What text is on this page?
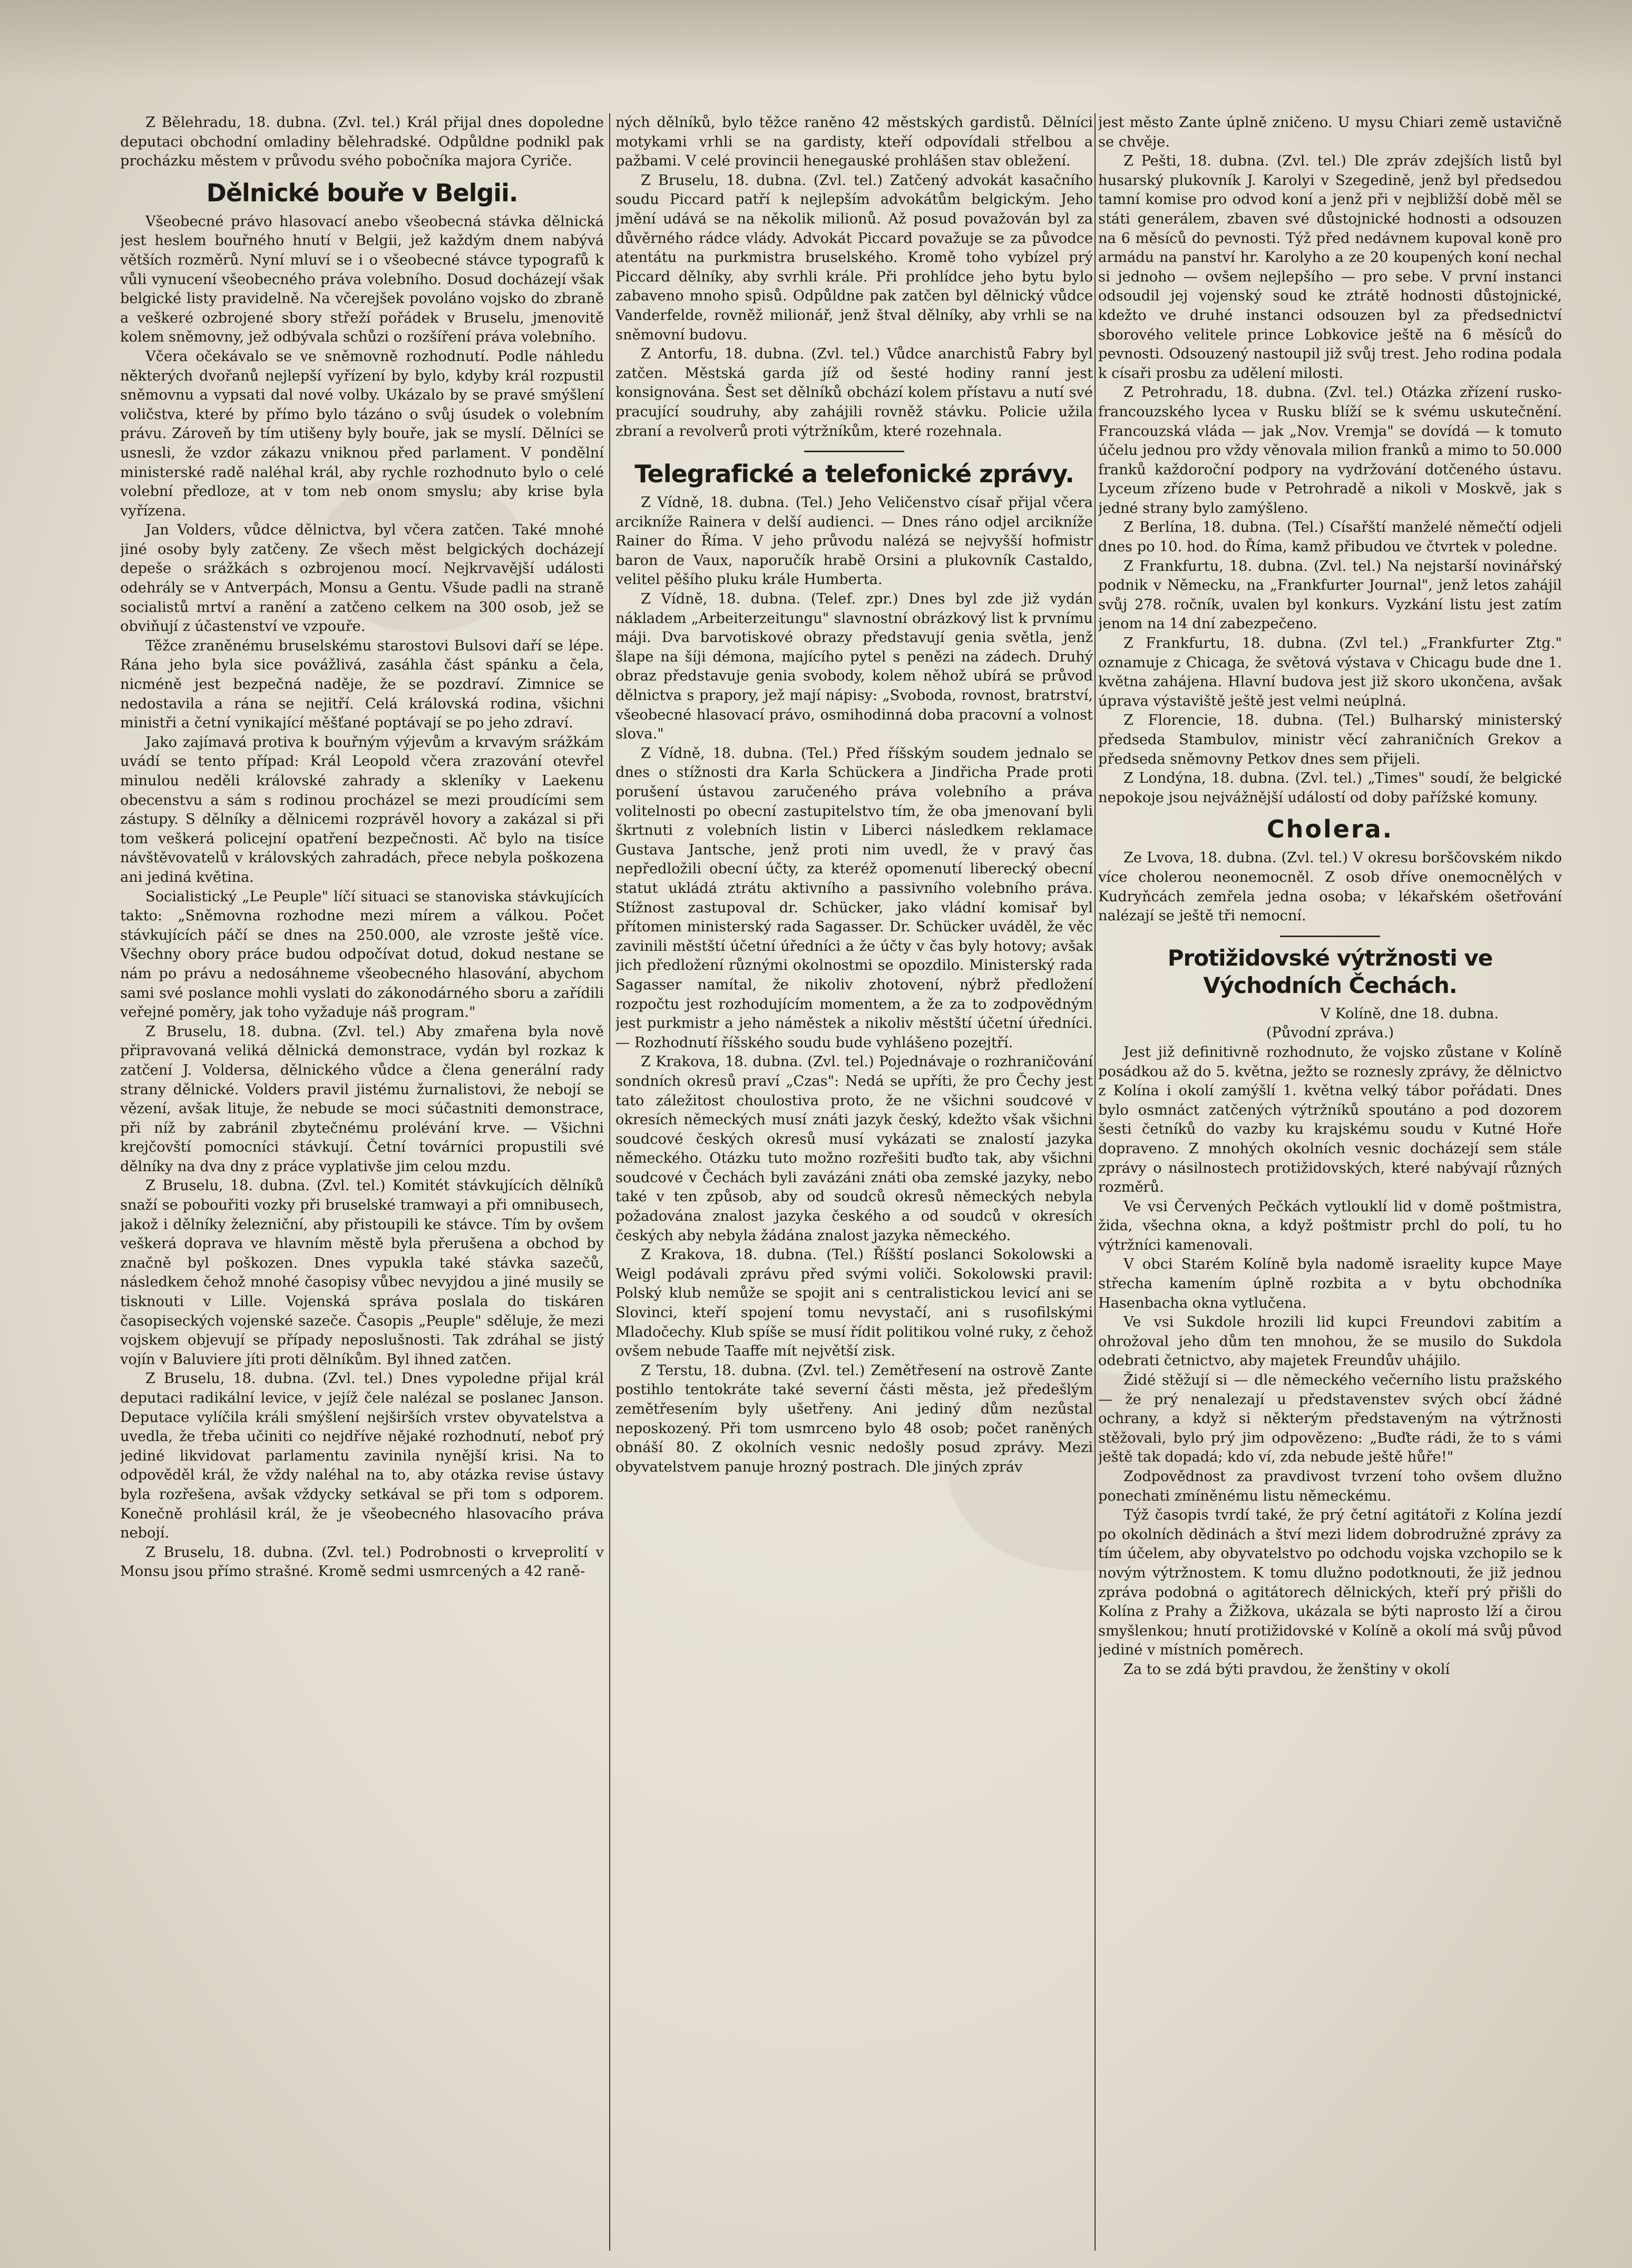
Z Bělehradu, 18. dubna. (Zvl. tel.) Král přijal dnes dopoledne deputaci obchodní omladiny bělehradské. Odpůldne podnikl pak procházku městem v průvodu svého pobočníka majora Cyriče.

Dělnické bouře v Belgii.

Všeobecné právo hlasovací anebo všeobecná stávka dělnická jest heslem bouřného hnutí v Belgii, jež každým dnem nabývá větších rozměrů. Nyní mluví se i o všeobecné stávce typografů k vůli vynucení všeobecného práva volebního. Dosud docházejí však belgické listy pravidelně. Na včerejšek povoláno vojsko do zbraně a veškeré ozbrojené sbory střeží pořádek v Bruselu, jmenovitě kolem sněmovny, jež odbývala schůzi o rozšíření práva volebního.

Včera očekávalo se ve sněmovně rozhodnutí. Podle náhledu některých dvořanů nejlepší vyřízení by bylo, kdyby král rozpustil sněmovnu a vypsati dal nové volby. Ukázalo by se pravé smýšlení voličstva, které by přímo bylo tázáno o svůj úsudek o volebním právu. Zároveň by tím utišeny byly bouře, jak se myslí. Dělníci se usnesli, že vzdor zákazu vniknou před parlament. V pondělní ministerské radě naléhal král, aby rychle rozhodnuto bylo o celé volební předloze, at v tom neb onom smyslu; aby krise byla vyřízena.

Jan Volders, vůdce dělnictva, byl včera zatčen. Také mnohé jiné osoby byly zatčeny. Ze všech měst belgických docházejí depeše o srážkách s ozbrojenou mocí. Nejkrvavější události odehrály se v Antverpách, Monsu a Gentu. Všude padli na straně socialistů mrtví a ranění a zatčeno celkem na 300 osob, jež se obviňují z účastenství ve vzpouře.

Těžce zraněnému bruselskému starostovi Bulsovi daří se lépe. Rána jeho byla sice povážlivá, zasáhla část spánku a čela, nicméně jest bezpečná naděje, že se pozdraví. Zimnice se nedostavila a rána se nejitří. Celá královská rodina, všichni ministři a četní vynikající měšťané poptávají se po jeho zdraví.

Jako zajímavá protiva k bouřným výjevům a krvavým srážkám uvádí se tento případ: Král Leopold včera zrazování otevřel minulou neděli královské zahrady a skleníky v Laekenu obecenstvu a sám s rodinou procházel se mezi proudícími sem zástupy. S dělníky a dělnicemi rozprávěl hovory a zakázal si při tom veškerá policejní opatření bezpečnosti. Ač bylo na tisíce návštěvovatelů v královských zahradách, přece nebyla poškozena ani jediná květina.

Socialistický „Le Peuple" líčí situaci se stanoviska stávkujících takto: „Sněmovna rozhodne mezi mírem a válkou. Počet stávkujících páčí se dnes na 250.000, ale vzroste ještě více. Všechny obory práce budou odpočívat dotud, dokud nestane se nám po právu a nedosáhneme všeobecného hlasování, abychom sami své poslance mohli vyslati do zákonodárného sboru a zařídili veřejné poměry, jak toho vyžaduje náš program."

Z Bruselu, 18. dubna. (Zvl. tel.) Aby zmařena byla nově připravovaná veliká dělnická demonstrace, vydán byl rozkaz k zatčení J. Voldersa, dělnického vůdce a člena generální rady strany dělnické. Volders pravil jistému žurnalistovi, že nebojí se vězení, avšak lituje, že nebude se moci súčastniti demonstrace, při níž by zabránil zbytečnému prolévání krve. — Všichni krejčovští pomocníci stávkují. Četní továrníci propustili své dělníky na dva dny z práce vyplativše jim celou mzdu.

Z Bruselu, 18. dubna. (Zvl. tel.) Komitét stávkujících dělníků snaží se pobouřiti vozky při bruselské tramwayi a při omnibusech, jakož i dělníky železniční, aby přistoupili ke stávce. Tím by ovšem veškerá doprava ve hlavním městě byla přerušena a obchod by značně byl poškozen. Dnes vypukla také stávka sazečů, následkem čehož mnohé časopisy vůbec nevyjdou a jiné musily se tisknouti v Lille. Vojenská správa poslala do tiskáren časopiseckých vojenské sazeče. Časopis „Peuple" sděluje, že mezi vojskem objevují se případy neposlušnosti. Tak zdráhal se jistý vojín v Baluviere jíti proti dělníkům. Byl ihned zatčen.

Z Bruselu, 18. dubna. (Zvl. tel.) Dnes vypoledne přijal král deputaci radikální levice, v jejíž čele nalézal se poslanec Janson. Deputace vylíčila králi smýšlení nejširších vrstev obyvatelstva a uvedla, že třeba učiniti co nejdříve nějaké rozhodnutí, neboť prý jediné likvidovat parlamentu zavinila nynější krisi. Na to odpověděl král, že vždy naléhal na to, aby otázka revise ústavy byla rozřešena, avšak vždycky setkával se při tom s odporem. Konečně prohlásil král, že je všeobecného hlasovacího práva nebojí.

Z Bruselu, 18. dubna. (Zvl. tel.) Podrobnosti o krveprolití v Monsu jsou přímo strašné. Kromě sedmi usmrcených a 42 raně-

ných dělníků, bylo těžce raněno 42 městských gardistů. Dělníci motykami vrhli se na gardisty, kteří odpovídali střelbou a pažbami. V celé provincii henegauské prohlášen stav obležení.

Z Bruselu, 18. dubna. (Zvl. tel.) Zatčený advokát kasačního soudu Piccard patří k nejlepším advokátům belgickým. Jeho jmění udává se na několik milionů. Až posud považován byl za důvěrného rádce vlády. Advokát Piccard považuje se za původce atentátu na purkmistra bruselského. Kromě toho vybízel prý Piccard dělníky, aby svrhli krále. Při prohlídce jeho bytu bylo zabaveno mnoho spisů. Odpůldne pak zatčen byl dělnický vůdce Vanderfelde, rovněž milionář, jenž štval dělníky, aby vrhli se na sněmovní budovu.

Z Antorfu, 18. dubna. (Zvl. tel.) Vůdce anarchistů Fabry byl zatčen. Městská garda jíž od šesté hodiny ranní jest konsignována. Šest set dělníků obchází kolem přístavu a nutí své pracující soudruhy, aby zahájili rovněž stávku. Policie užila zbraní a revolverů proti výtržníkům, které rozehnala.

Telegrafické a telefonické zprávy.

Z Vídně, 18. dubna. (Tel.) Jeho Veličenstvo císař přijal včera arcikníže Rainera v delší audienci. — Dnes ráno odjel arcikníže Rainer do Říma. V jeho průvodu nalézá se nejvyšší hofmistr baron de Vaux, naporučík hrabě Orsini a plukovník Castaldo, velitel pěšího pluku krále Humberta.

Z Vídně, 18. dubna. (Telef. zpr.) Dnes byl zde již vydán nákladem „Arbeiterzeitungu" slavnostní obrázkový list k prvnímu máji. Dva barvotiskové obrazy představují genia světla, jenž šlape na šíji démona, majícího pytel s penězi na zádech. Druhý obraz představuje genia svobody, kolem něhož ubírá se průvod dělnictva s prapory, jež mají nápisy: „Svoboda, rovnost, bratrství, všeobecné hlasovací právo, osmihodinná doba pracovní a volnost slova."

Z Vídně, 18. dubna. (Tel.) Před říšským soudem jednalo se dnes o stížnosti dra Karla Schückera a Jindřicha Prade proti porušení ústavou zaručeného práva volebního a práva volitelnosti po obecní zastupitelstvo tím, že oba jmenovaní byli škrtnuti z volebních listin v Liberci následkem reklamace Gustava Jantsche, jenž proti nim uvedl, že v pravý čas nepředložili obecní účty, za kteréž opomenutí liberecký obecní statut ukládá ztrátu aktivního a passivního volebního práva. Stížnost zastupoval dr. Schücker, jako vládní komisař byl přítomen ministerský rada Sagasser. Dr. Schücker uváděl, že věc zavinili městští účetní úředníci a že účty v čas byly hotovy; avšak jich předložení různými okolnostmi se opozdilo. Ministerský rada Sagasser namítal, že nikoliv zhotovení, nýbrž předložení rozpočtu jest rozhodujícím momentem, a že za to zodpovědným jest purkmistr a jeho náměstek a nikoliv městští účetní úředníci. — Rozhodnutí říšského soudu bude vyhlášeno pozejtří.

Z Krakova, 18. dubna. (Zvl. tel.) Pojednávaje o rozhraničování sondních okresů praví „Czas": Nedá se upříti, že pro Čechy jest tato záležitost choulostiva proto, že ne všichni soudcové v okresích německých musí znáti jazyk český, kdežto však všichni soudcové českých okresů musí vykázati se znalostí jazyka německého. Otázku tuto možno rozřešiti buďto tak, aby všichni soudcové v Čechách byli zavázáni znáti oba zemské jazyky, nebo také v ten způsob, aby od soudců okresů německých nebyla požadována znalost jazyka českého a od soudců v okresích českých aby nebyla žádána znalost jazyka německého.

Z Krakova, 18. dubna. (Tel.) Říšští poslanci Sokolowski a Weigl podávali zprávu před svými voliči. Sokolowski pravil: Polský klub nemůže se spojit ani s centralistickou levicí ani se Slovinci, kteří spojení tomu nevystačí, ani s rusofilskými Mladočechy. Klub spíše se musí řídit politikou volné ruky, z čehož ovšem nebude Taaffe mít největší zisk.

Z Terstu, 18. dubna. (Zvl. tel.) Zemětřesení na ostrově Zante postihlo tentokráte také severní části města, jež předešlým zemětřesením byly ušetřeny. Ani jediný dům nezůstal neposkozený. Při tom usmrceno bylo 48 osob; počet raněných obnáší 80. Z okolních vesnic nedošly posud zprávy. Mezi obyvatelstvem panuje hrozný postrach. Dle jiných zpráv

jest město Zante úplně zničeno. U mysu Chiari země ustavičně se chvěje.

Z Pešti, 18. dubna. (Zvl. tel.) Dle zpráv zdejších listů byl husarský plukovník J. Karolyi v Szegedině, jenž byl předsedou tamní komise pro odvod koní a jenž při v nejbližší době měl se státi generálem, zbaven své důstojnické hodnosti a odsouzen na 6 měsíců do pevnosti. Týž před nedávnem kupoval koně pro armádu na panství hr. Karolyho a ze 20 koupených koní nechal si jednoho — ovšem nejlepšího — pro sebe. V první instanci odsoudil jej vojenský soud ke ztrátě hodnosti důstojnické, kdežto ve druhé instanci odsouzen byl za předsednictví sborového velitele prince Lobkovice ještě na 6 měsíců do pevnosti. Odsouzený nastoupil již svůj trest. Jeho rodina podala k císaři prosbu za udělení milosti.

Z Petrohradu, 18. dubna. (Zvl. tel.) Otázka zřízení rusko-francouzského lycea v Rusku blíží se k svému uskutečnění. Francouzská vláda — jak „Nov. Vremja" se dovídá — k tomuto účelu jednou pro vždy věnovala milion franků a mimo to 50.000 franků každoroční podpory na vydržování dotčeného ústavu. Lyceum zřízeno bude v Petrohradě a nikoli v Moskvě, jak s jedné strany bylo zamýšleno.

Z Berlína, 18. dubna. (Tel.) Císařští manželé němečtí odjeli dnes po 10. hod. do Říma, kamž přibudou ve čtvrtek v poledne.

Z Frankfurtu, 18. dubna. (Zvl. tel.) Na nejstarší novinářský podnik v Německu, na „Frankfurter Journal", jenž letos zahájil svůj 278. ročník, uvalen byl konkurs. Vyzkání listu jest zatím jenom na 14 dní zabezpečeno.

Z Frankfurtu, 18. dubna. (Zvl tel.) „Frankfurter Ztg." oznamuje z Chicaga, že světová výstava v Chicagu bude dne 1. května zahájena. Hlavní budova jest již skoro ukončena, avšak úprava výstaviště ještě jest velmi neúplná.

Z Florencie, 18. dubna. (Tel.) Bulharský ministerský předseda Stambulov, ministr věcí zahraničních Grekov a předseda sněmovny Petkov dnes sem přijeli.

Z Londýna, 18. dubna. (Zvl. tel.) „Times" soudí, že belgické nepokoje jsou nejvážnější událostí od doby pařížské komuny.

Cholera.

Ze Lvova, 18. dubna. (Zvl. tel.) V okresu borščovském nikdo více cholerou neonemocněl. Z osob dříve onemocnělých v Kudryňcách zemřela jedna osoba; v lékařském ošetřování nalézají se ještě tři nemocní.

Protižidovské výtržnosti ve Východních Čechách.

V Kolíně, dne 18. dubna.

(Původní zpráva.)

Jest již definitivně rozhodnuto, že vojsko zůstane v Kolíně posádkou až do 5. května, ježto se roznesly zprávy, že dělnictvo z Kolína i okolí zamýšlí 1. května velký tábor pořádati. Dnes bylo osmnáct zatčených výtržníků spoutáno a pod dozorem šesti četníků do vazby ku krajskému soudu v Kutné Hoře dopraveno. Z mnohých okolních vesnic docházejí sem stále zprávy o násilnostech protižidovských, které nabývají různých rozměrů.

Ve vsi Červených Pečkách vytlouklí lid v domě poštmistra, žida, všechna okna, a když poštmistr prchl do polí, tu ho výtržníci kamenovali.

V obci Starém Kolíně byla nadomě israelity kupce Maye střecha kamením úplně rozbita a v bytu obchodníka Hasenbacha okna vytlučena.

Ve vsi Sukdole hrozili lid kupci Freundovi zabitím a ohrožoval jeho dům ten mnohou, že se musilo do Sukdola odebrati četnictvo, aby majetek Freundův uhájilo.

Židé stěžují si — dle německého večerního listu pražského — že prý nenalezají u představenstev svých obcí žádné ochrany, a když si některým představeným na výtržnosti stěžovali, bylo prý jim odpovězeno: „Buďte rádi, že to s vámi ještě tak dopadá; kdo ví, zda nebude ještě hůře!"

Zodpovědnost za pravdivost tvrzení toho ovšem dlužno ponechati zmíněnému listu německému.

Týž časopis tvrdí také, že prý četní agitátoři z Kolína jezdí po okolních dědinách a štví mezi lidem dobrodružné zprávy za tím účelem, aby obyvatelstvo po odchodu vojska vzchopilo se k novým výtržnostem. K tomu dlužno podotknouti, že již jednou zpráva podobná o agitátorech dělnických, kteří prý přišli do Kolína z Prahy a Žižkova, ukázala se býti naprosto lží a čirou smyšlenkou; hnutí protižidovské v Kolíně a okolí má svůj původ jediné v místních poměrech.

Za to se zdá býti pravdou, že ženštiny v okolí
